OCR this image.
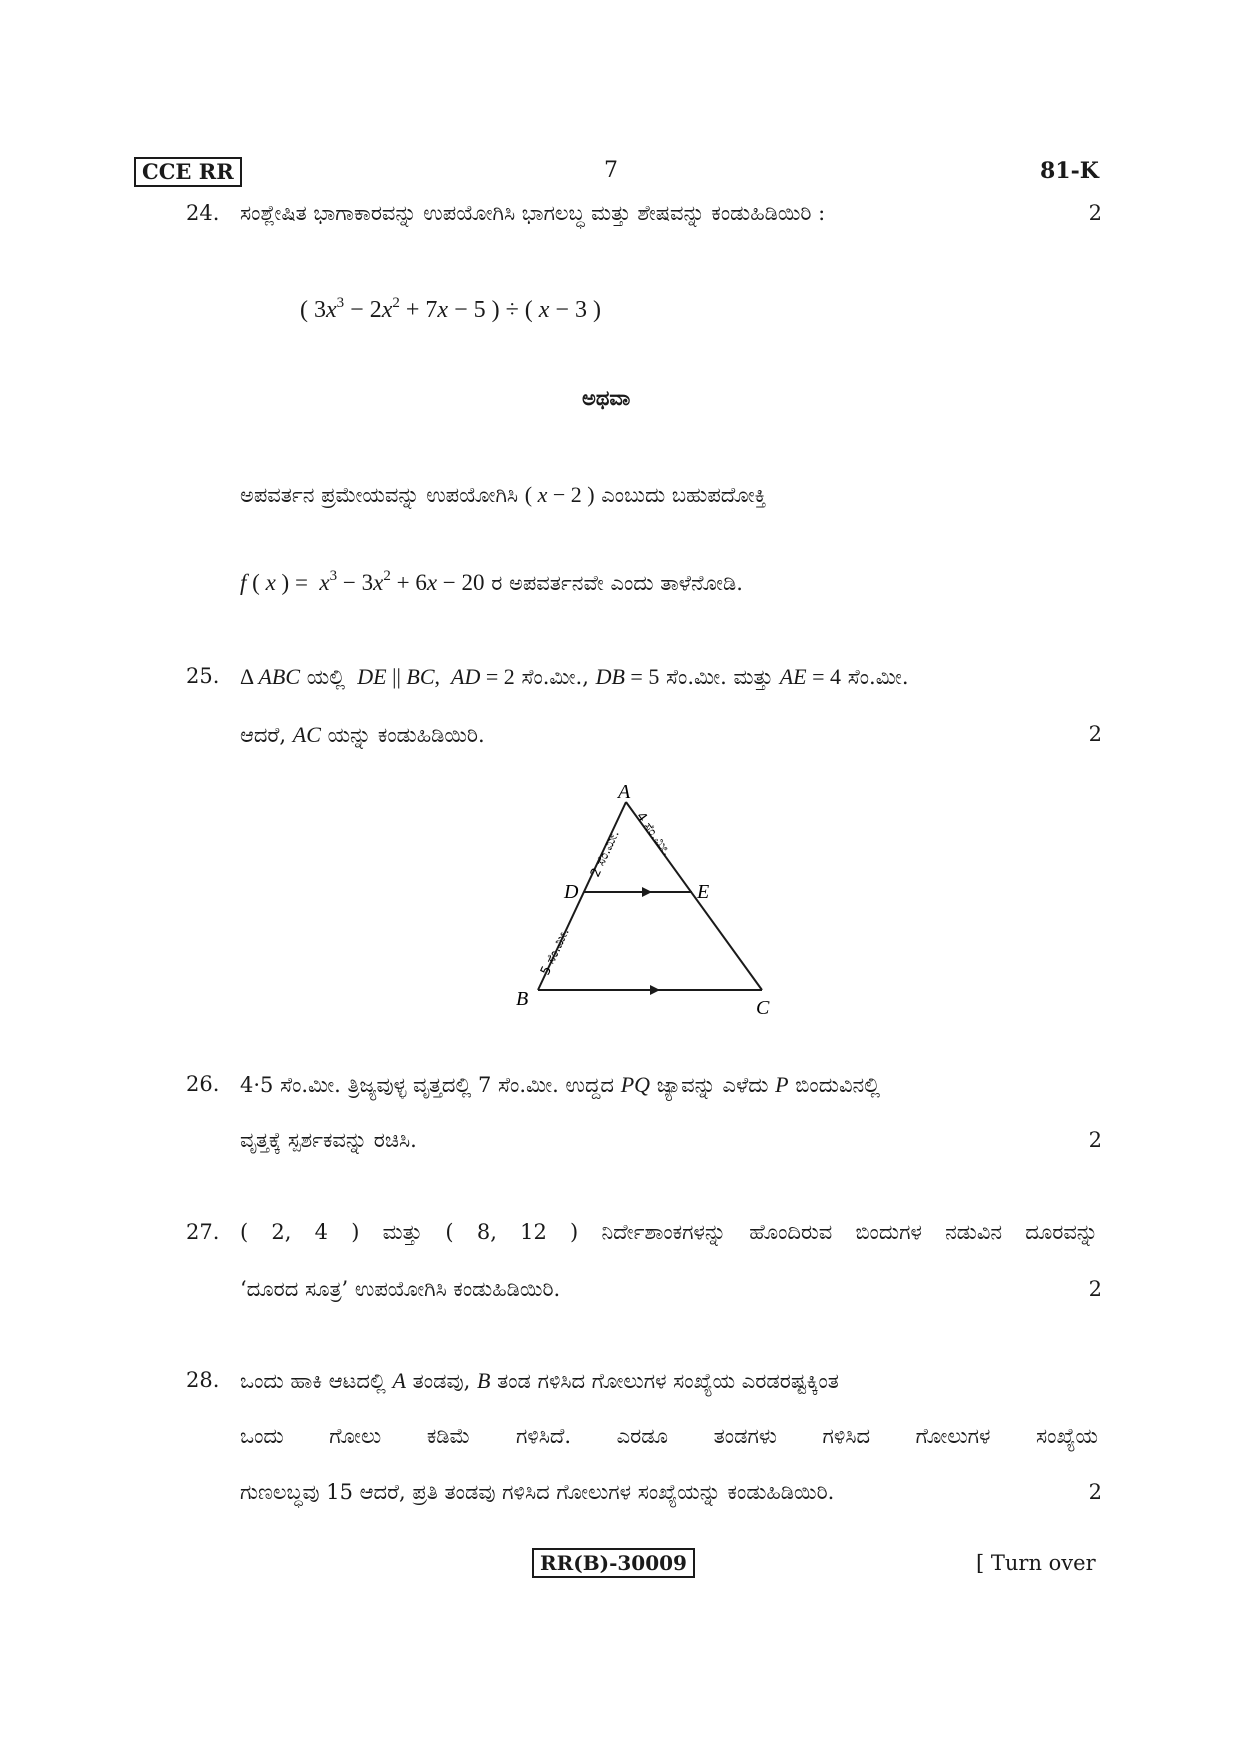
CCE RR	7	81-K
24. ಸಂಶ್ಲೇಷಿತ ಭಾಗಾಕಾರವನ್ನು ಉಪಯೋಗಿಸಿ ಭಾಗಲಬ್ಧ ಮತ್ತು ಶೇಷವನ್ನು ಕಂಡುಹಿಡಿಯಿರಿ :	2
( $3x^3 - 2x^2 + 7x - 5$ ) ÷ ( x − 3 )
ಅಥವಾ
ಅಪವರ್ತನ ಪ್ರಮೇಯವನ್ನು ಉಪಯೋಗಿಸಿ ( x − 2 ) ಎಂಬುದು ಬಹುಪದೋಕ್ತಿ
f ( x ) =  $x^3 - 3x^2 + 6x - 20$ ರ ಅಪವರ್ತನವೇ ಎಂದು ತಾಳೆನೋಡಿ.
25. Δ ABC ಯಲ್ಲಿ DE || BC,  AD = 2 ಸೆಂ.ಮೀ., DB = 5 ಸೆಂ.ಮೀ. ಮತ್ತು AE = 4 ಸೆಂ.ಮೀ.
ಆದರೆ, AC ಯನ್ನು ಕಂಡುಹಿಡಿಯಿರಿ.	2
A
B	C
D	E
2 ಸೆಂ.ಮೀ. 4 ಸೆಂ.ಮೀ.
5 ಸೆಂ.ಮೀ.
26. 4·5 ಸೆಂ.ಮೀ. ತ್ರಿಜ್ಯವುಳ್ಳ ವೃತ್ತದಲ್ಲಿ 7 ಸೆಂ.ಮೀ. ಉದ್ದದ PQ ಜ್ಯಾವನ್ನು ಎಳೆದು P ಬಿಂದುವಿನಲ್ಲಿ
ವೃತ್ತಕ್ಕೆ ಸ್ಪರ್ಶಕವನ್ನು ರಚಿಸಿ.	2
27. ( 2, 4 ) ಮತ್ತು ( 8, 12 ) ನಿರ್ದೇಶಾಂಕಗಳನ್ನು ಹೊಂದಿರುವ ಬಿಂದುಗಳ ನಡುವಿನ ದೂರವನ್ನು
‘ದೂರದ ಸೂತ್ರ’ ಉಪಯೋಗಿಸಿ ಕಂಡುಹಿಡಿಯಿರಿ.	2
28. ಒಂದು ಹಾಕಿ ಆಟದಲ್ಲಿ A ತಂಡವು, B ತಂಡ ಗಳಿಸಿದ ಗೋಲುಗಳ ಸಂಖ್ಯೆಯ ಎರಡರಷ್ಟಕ್ಕಿಂತ
ಒಂದು ಗೋಲು ಕಡಿಮೆ ಗಳಿಸಿದೆ. ಎರಡೂ ತಂಡಗಳು ಗಳಿಸಿದ ಗೋಲುಗಳ ಸಂಖ್ಯೆಯ
ಗುಣಲಬ್ಧವು 15 ಆದರೆ, ಪ್ರತಿ ತಂಡವು ಗಳಿಸಿದ ಗೋಲುಗಳ ಸಂಖ್ಯೆಯನ್ನು ಕಂಡುಹಿಡಿಯಿರಿ.	2
RR(B)-30009	[ Turn over
